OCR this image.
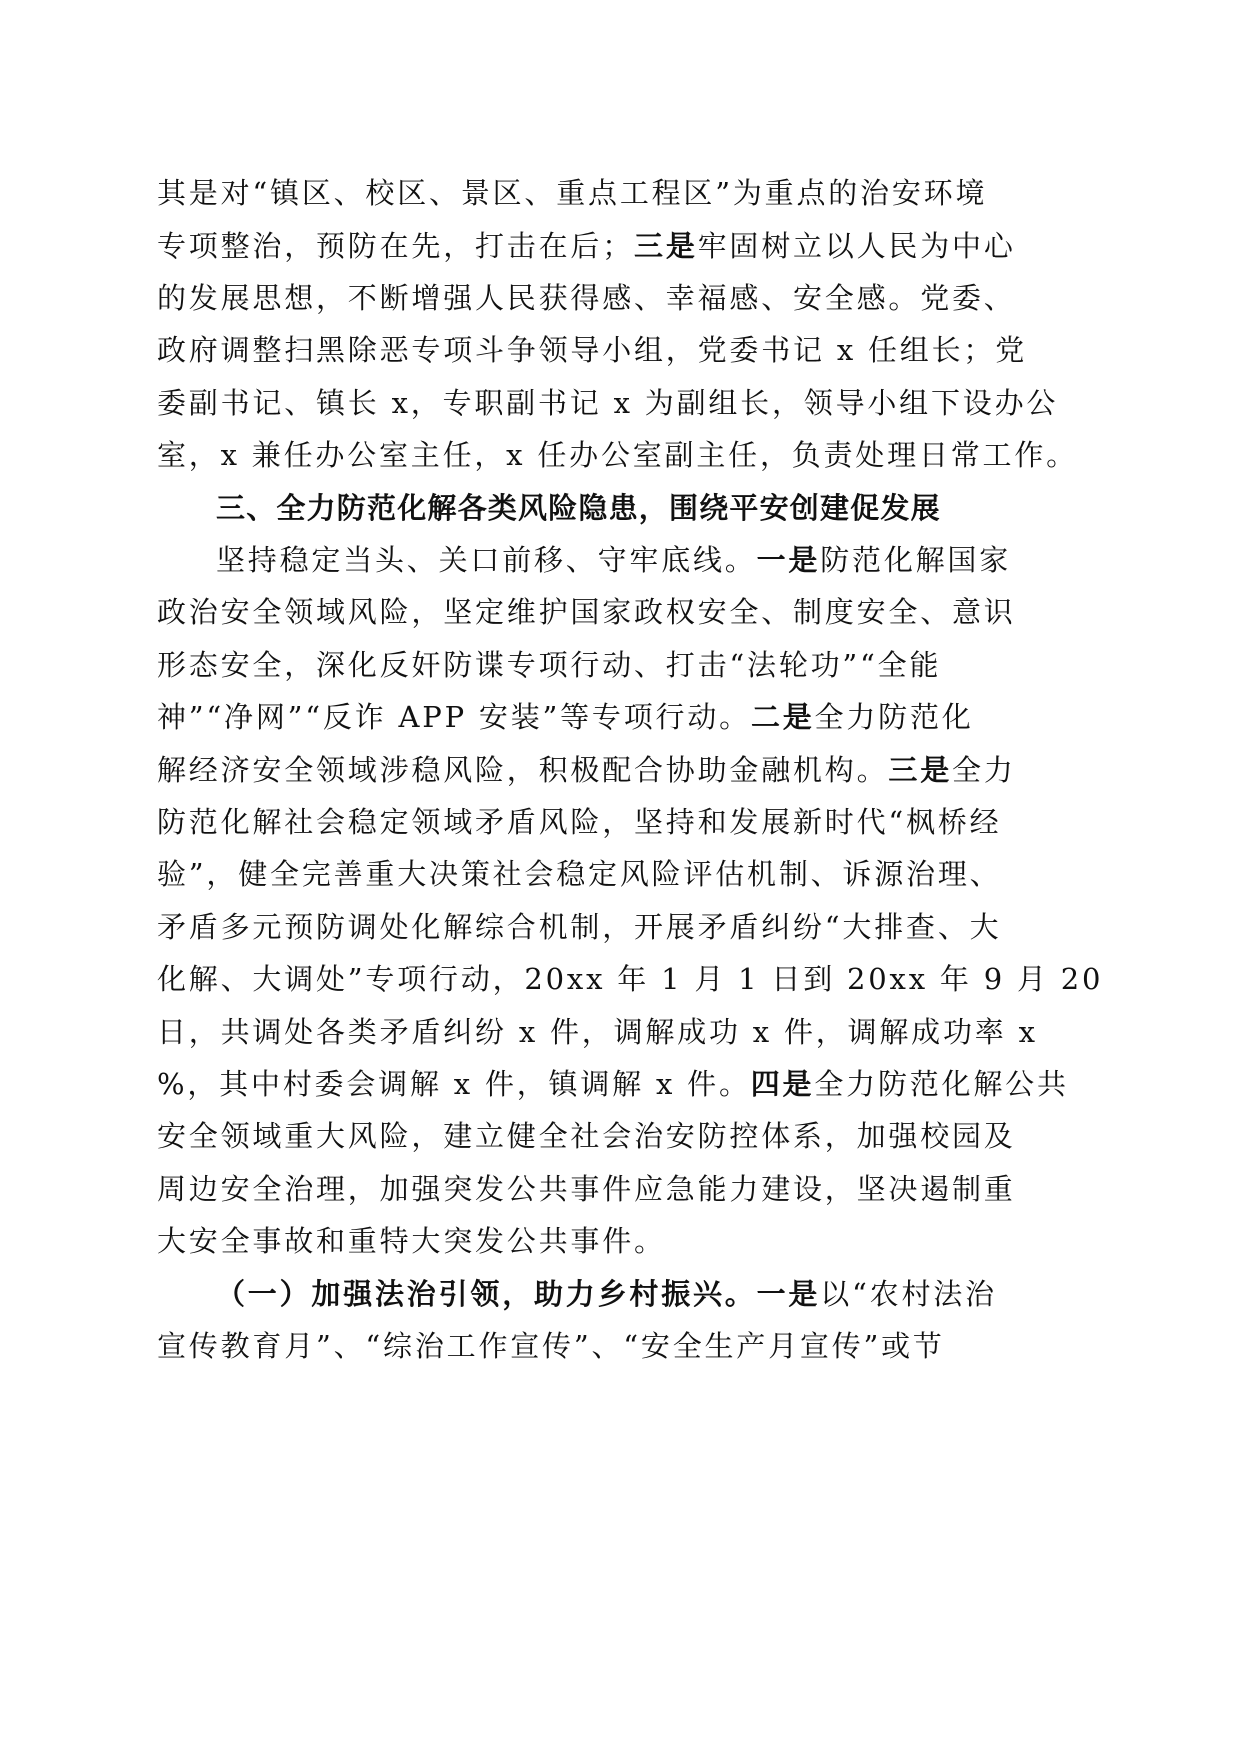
其是对“镇区、校区、景区、重点工程区”为重点的治安环境

专项整治，预防在先，打击在后；三是牢固树立以人民为中心

的发展思想，不断增强人民获得感、幸福感、安全感。党委、

政府调整扫黑除恶专项斗争领导小组，党委书记 x 任组长；党

委副书记、镇长 x，专职副书记 x 为副组长，领导小组下设办公

室，x 兼任办公室主任，x 任办公室副主任，负责处理日常工作。

三、全力防范化解各类风险隐患，围绕平安创建促发展

坚持稳定当头、关口前移、守牢底线。一是防范化解国家

政治安全领域风险，坚定维护国家政权安全、制度安全、意识

形态安全，深化反奸防谍专项行动、打击“法轮功”“全能

神”“净网”“反诈 APP 安装”等专项行动。二是全力防范化

解经济安全领域涉稳风险，积极配合协助金融机构。三是全力

防范化解社会稳定领域矛盾风险，坚持和发展新时代“枫桥经

验”，健全完善重大决策社会稳定风险评估机制、诉源治理、

矛盾多元预防调处化解综合机制，开展矛盾纠纷“大排查、大

化解、大调处”专项行动，20xx 年 1 月 1 日到 20xx 年 9 月 20

日，共调处各类矛盾纠纷 x 件，调解成功 x 件，调解成功率 x

%，其中村委会调解 x 件，镇调解 x 件。四是全力防范化解公共

安全领域重大风险，建立健全社会治安防控体系，加强校园及

周边安全治理，加强突发公共事件应急能力建设，坚决遏制重

大安全事故和重特大突发公共事件。

（一）加强法治引领，助力乡村振兴。一是以“农村法治

宣传教育月”、“综治工作宣传”、“安全生产月宣传”或节
